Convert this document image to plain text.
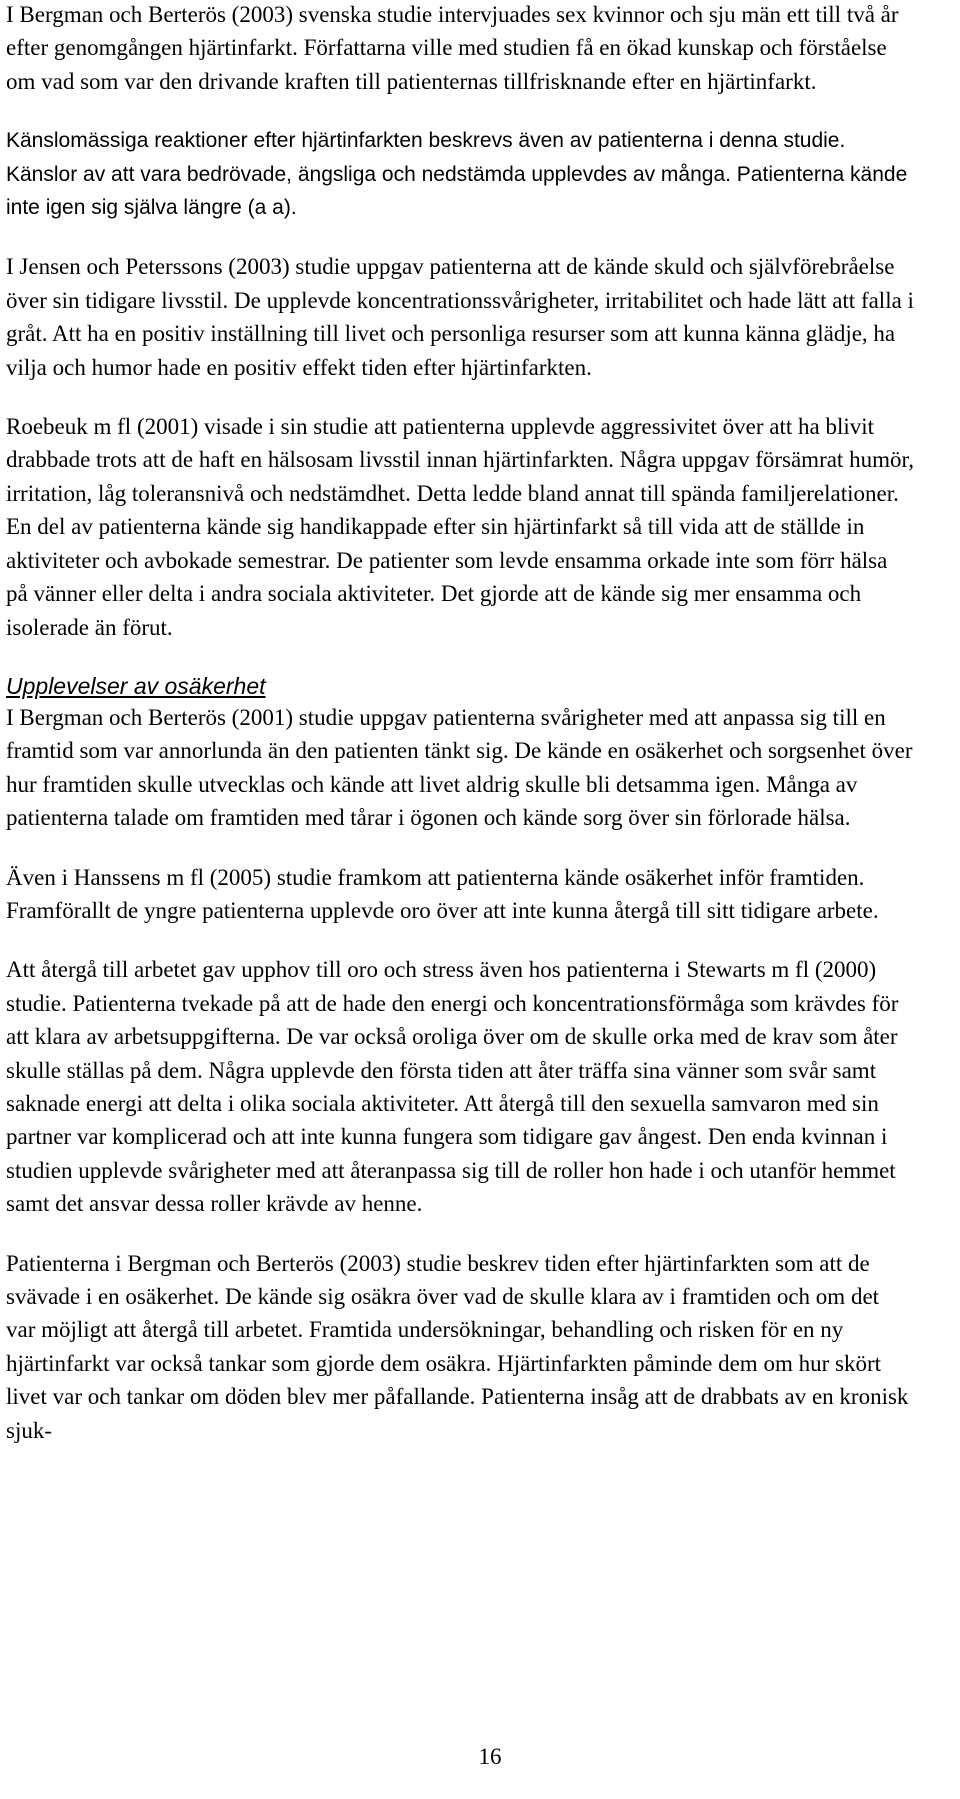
I Bergman och Berterös (2003) svenska studie intervjuades sex kvinnor och sju män ett till två år efter genomgången hjärtinfarkt. Författarna ville med studien få en ökad kunskap och förståelse om vad som var den drivande kraften till patienternas tillfrisknande efter en hjärtinfarkt.

Känslomässiga reaktioner efter hjärtinfarkten beskrevs även av patienterna i denna studie. Känslor av att vara bedrövade, ängsliga och nedstämda upplevdes av många. Patienterna kände inte igen sig själva längre (a a).

I Jensen och Peterssons (2003) studie uppgav patienterna att de kände skuld och självförebråelse över sin tidigare livsstil. De upplevde koncentrationssvårigheter, irritabilitet och hade lätt att falla i gråt. Att ha en positiv inställning till livet och personliga resurser som att kunna känna glädje, ha vilja och humor hade en positiv effekt tiden efter hjärtinfarkten.

Roebeuk m fl (2001) visade i sin studie att patienterna upplevde aggressivitet över att ha blivit drabbade trots att de haft en hälsosam livsstil innan hjärtinfarkten. Några uppgav försämrat humör, irritation, låg toleransnivå och nedstämdhet. Detta ledde bland annat till spända familjerelationer. En del av patienterna kände sig handikappade efter sin hjärtinfarkt så till vida att de ställde in aktiviteter och avbokade semestrar. De patienter som levde ensamma orkade inte som förr hälsa på vänner eller delta i andra sociala aktiviteter. Det gjorde att de kände sig mer ensamma och isolerade än förut.

Upplevelser av osäkerhet

I Bergman och Berterös (2001) studie uppgav patienterna svårigheter med att anpassa sig till en framtid som var annorlunda än den patienten tänkt sig. De kände en osäkerhet och sorgsenhet över hur framtiden skulle utvecklas och kände att livet aldrig skulle bli detsamma igen. Många av patienterna talade om framtiden med tårar i ögonen och kände sorg över sin förlorade hälsa.

Även i Hanssens m fl (2005) studie framkom att patienterna kände osäkerhet inför framtiden. Framförallt de yngre patienterna upplevde oro över att inte kunna återgå till sitt tidigare arbete.

Att återgå till arbetet gav upphov till oro och stress även hos patienterna i Stewarts m fl (2000) studie. Patienterna tvekade på att de hade den energi och koncentrationsförmåga som krävdes för att klara av arbetsuppgifterna. De var också oroliga över om de skulle orka med de krav som åter skulle ställas på dem. Några upplevde den första tiden att åter träffa sina vänner som svår samt saknade energi att delta i olika sociala aktiviteter. Att återgå till den sexuella samvaron med sin partner var komplicerad och att inte kunna fungera som tidigare gav ångest. Den enda kvinnan i studien upplevde svårigheter med att återanpassa sig till de roller hon hade i och utanför hemmet samt det ansvar dessa roller krävde av henne.

Patienterna i Bergman och Berterös (2003) studie beskrev tiden efter hjärtinfarkten som att de svävade i en osäkerhet. De kände sig osäkra över vad de skulle klara av i framtiden och om det var möjligt att återgå till arbetet. Framtida undersökningar, behandling och risken för en ny hjärtinfarkt var också tankar som gjorde dem osäkra. Hjärtinfarkten påminde dem om hur skört livet var och tankar om döden blev mer påfallande. Patienterna insåg att de drabbats av en kronisk sjuk-

16
